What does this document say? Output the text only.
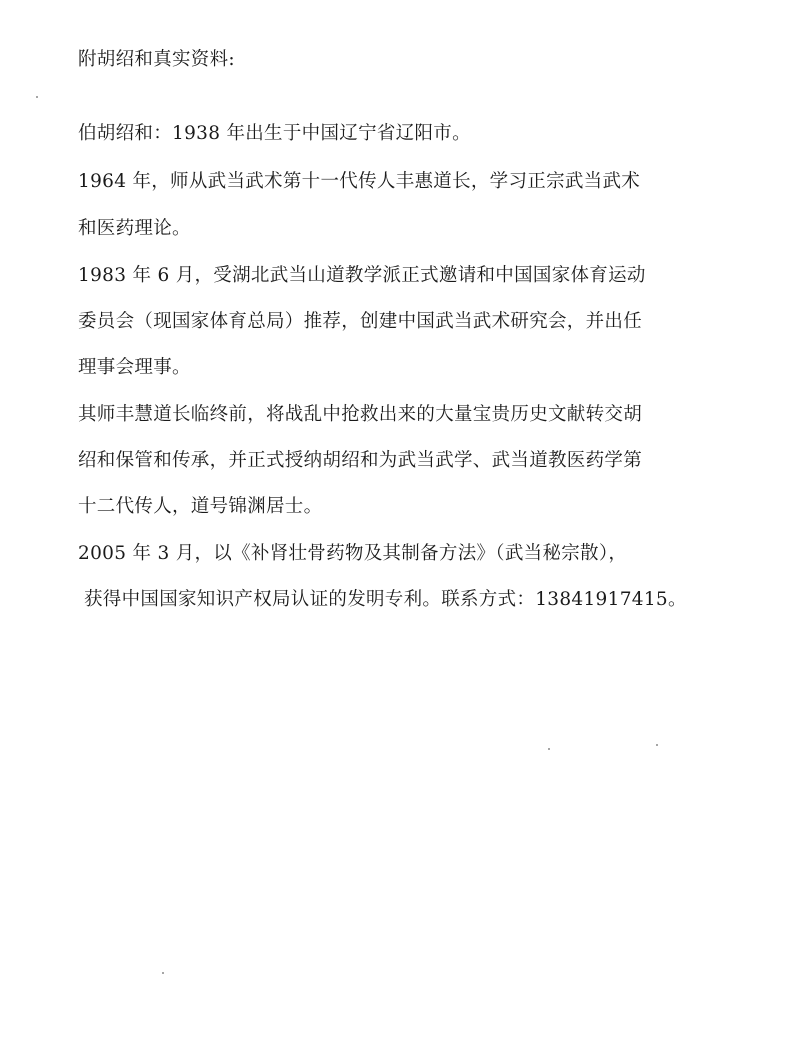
附胡绍和真实资料:
伯胡绍和：1938 年出生于中国辽宁省辽阳市。
1964 年，师从武当武术第十一代传人丰惠道长，学习正宗武当武术
和医药理论。
1983 年 6 月，受湖北武当山道教学派正式邀请和中国国家体育运动
委员会（现国家体育总局）推荐，创建中国武当武术研究会，并出任
理事会理事。
其师丰慧道长临终前，将战乱中抢救出来的大量宝贵历史文献转交胡
绍和保管和传承，并正式授纳胡绍和为武当武学、武当道教医药学第
十二代传人，道号锦渊居士。
2005 年 3 月，以《补肾壮骨药物及其制备方法》（武当秘宗散），
获得中国国家知识产权局认证的发明专利。联系方式：13841917415。
